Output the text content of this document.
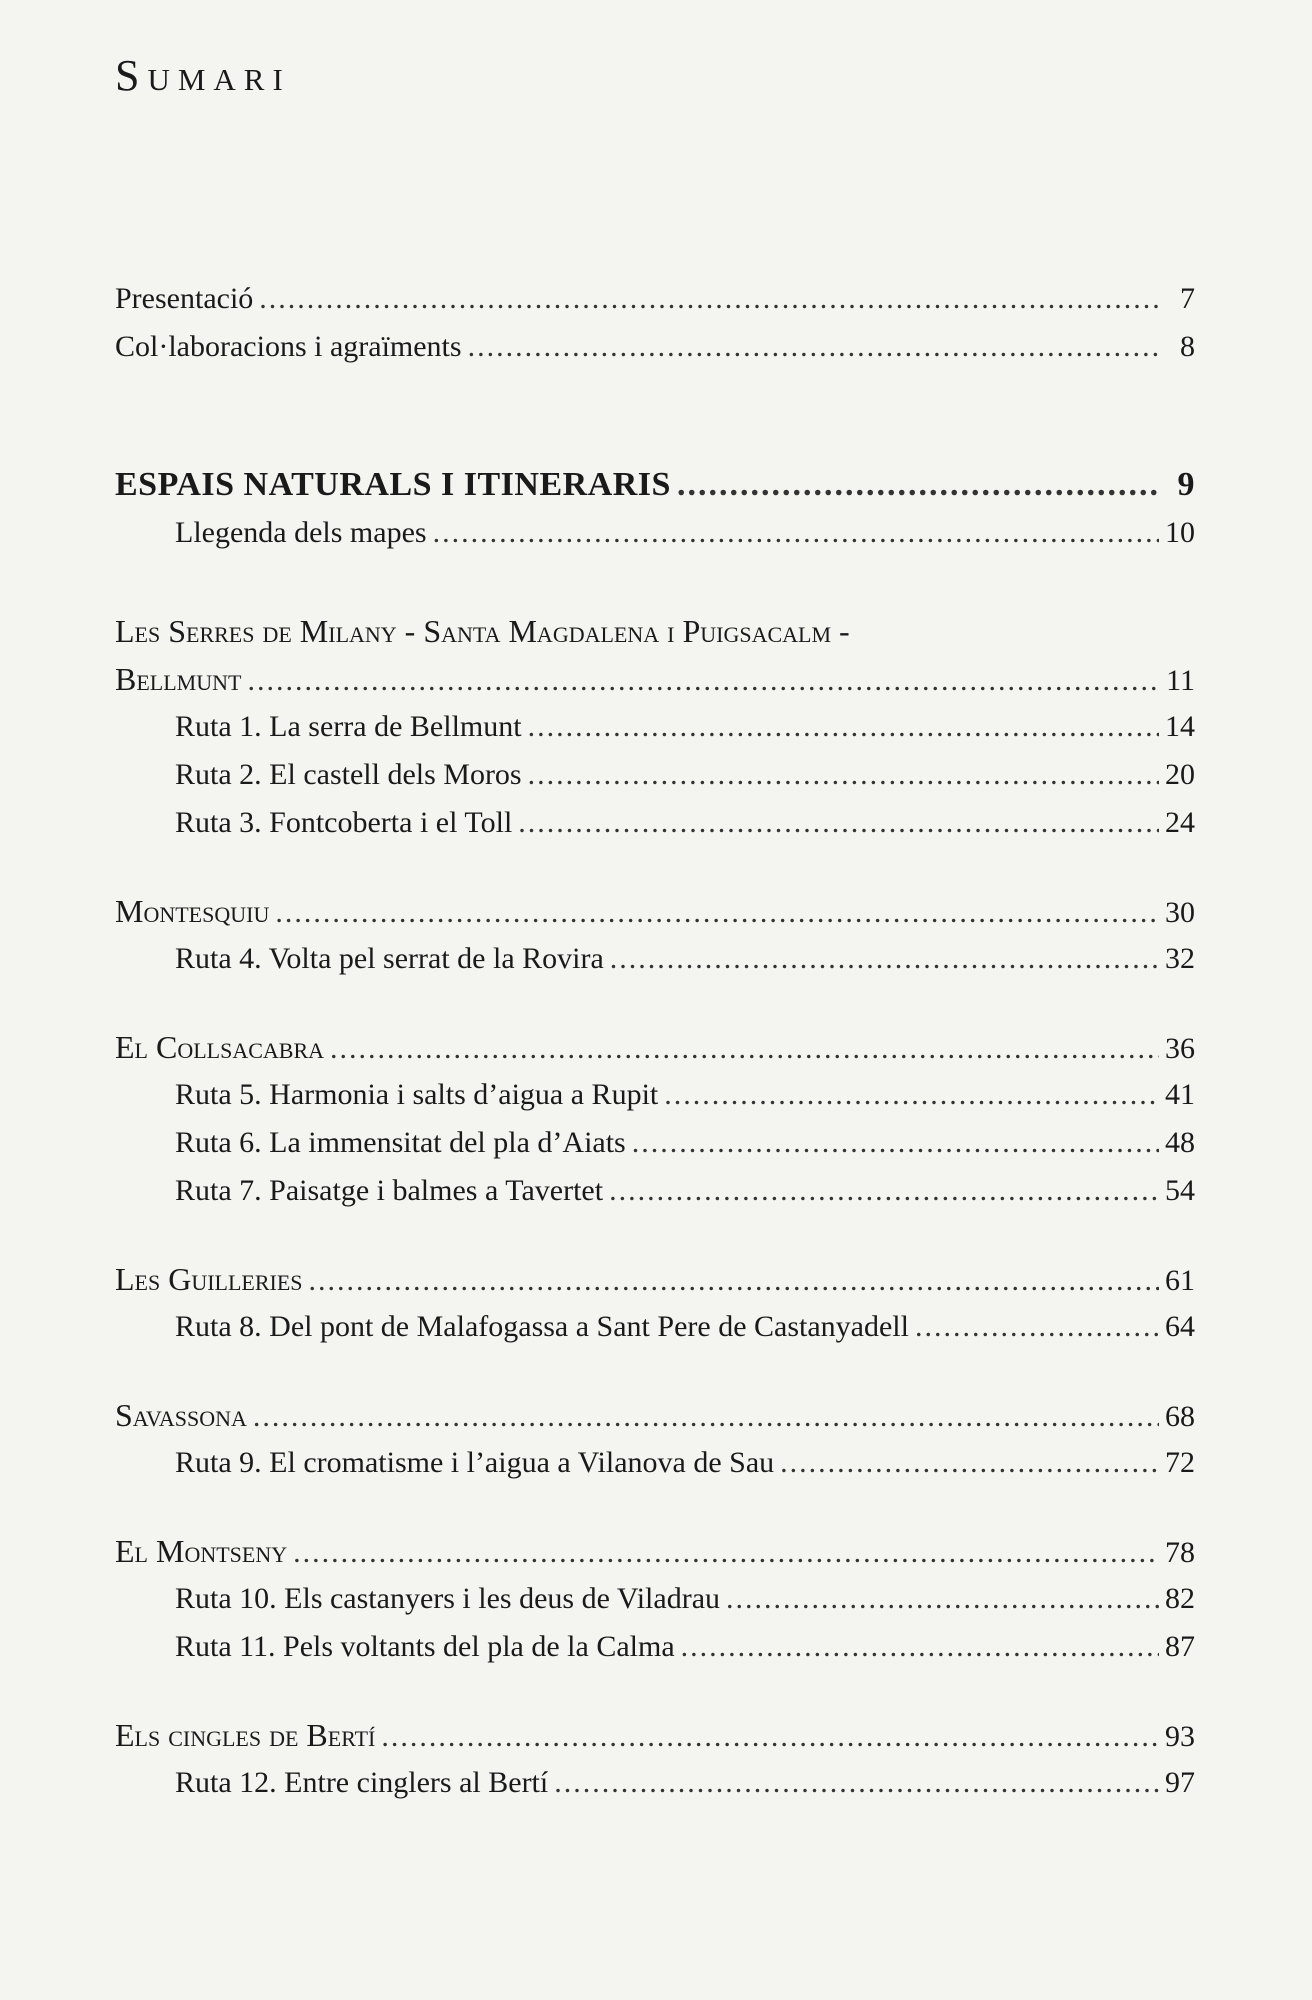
Sumari
Presentació .....	7
Col·laboracions i agraïments .....	8
ESPAIS NATURALS I ITINERARIS .....	9
Llegenda dels mapes .....	10
Les Serres de Milany - Santa Magdalena i Puigsacalm -
Bellmunt .....	11
Ruta 1. La serra de Bellmunt .....	14
Ruta 2. El castell dels Moros .....	20
Ruta 3. Fontcoberta i el Toll .....	24
Montesquiu .....	30
Ruta 4. Volta pel serrat de la Rovira .....	32
El Collsacabra .....	36
Ruta 5. Harmonia i salts d’aigua a Rupit .....	41
Ruta 6. La immensitat del pla d’Aiats .....	48
Ruta 7. Paisatge i balmes a Tavertet .....	54
Les Guilleries .....	61
Ruta 8. Del pont de Malafogassa a Sant Pere de Castanyadell .....	64
Savassona .....	68
Ruta 9. El cromatisme i l’aigua a Vilanova de Sau .....	72
El Montseny .....	78
Ruta 10. Els castanyers i les deus de Viladrau .....	82
Ruta 11. Pels voltants del pla de la Calma .....	87
Els cingles de Bertí .....	93
Ruta 12. Entre cinglers al Bertí .....	97
